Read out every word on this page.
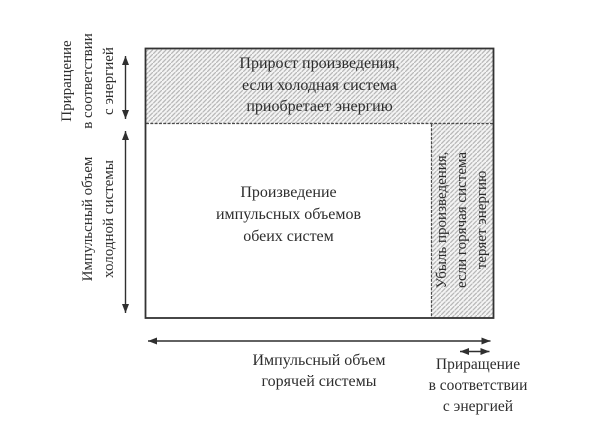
Прирост произведения,
если холодная система
приобретает энергию
Произведение
импульсных объемов
обеих систем	Убыль произведения, если горячая система теряет энергию
Приращение в соответствии с энергией
Импульсный объем холодной системы
Импульсный объем
горячей системы
Приращение
в соответствии
с энергией
